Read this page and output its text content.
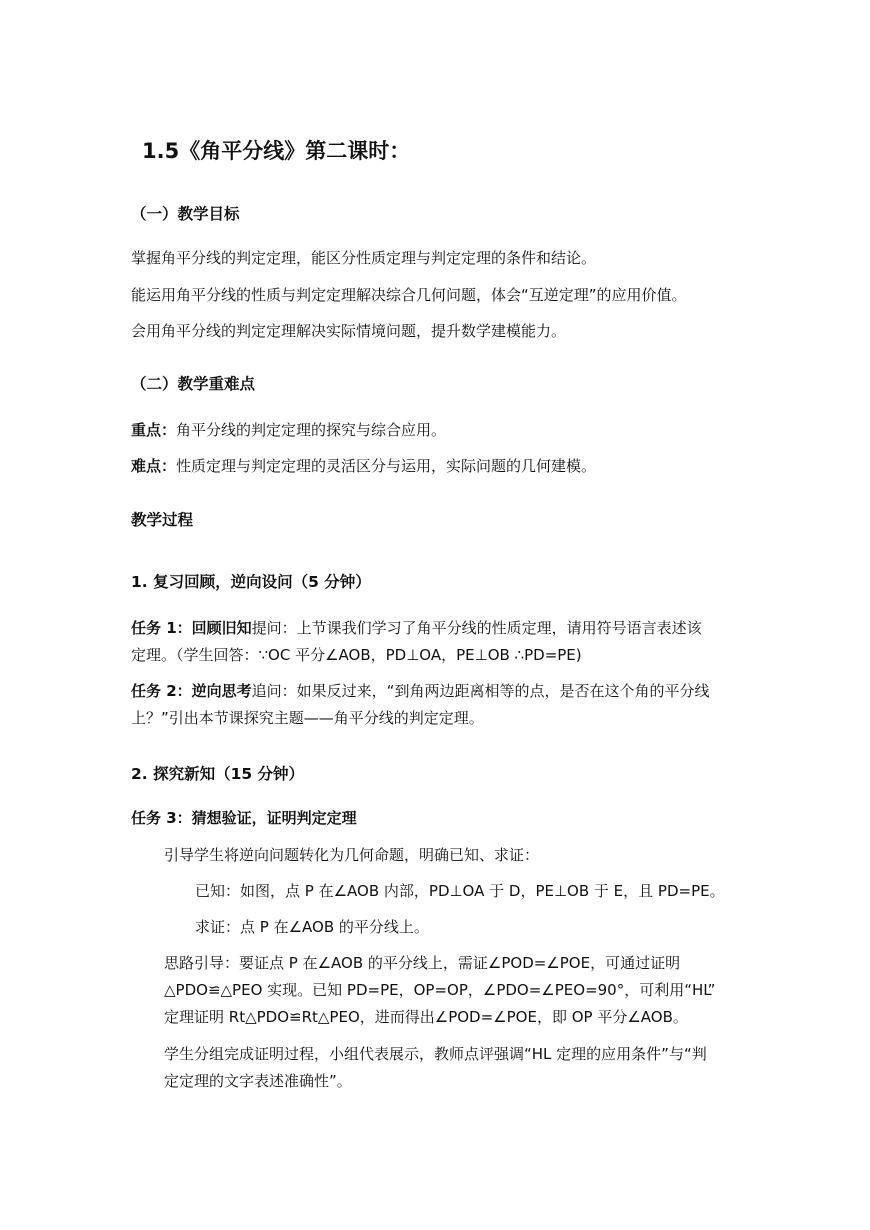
1.5《角平分线》第二课时：
（一）教学目标
掌握角平分线的判定定理，能区分性质定理与判定定理的条件和结论。
能运用角平分线的性质与判定定理解决综合几何问题，体会“互逆定理”的应用价值。
会用角平分线的判定定理解决实际情境问题，提升数学建模能力。
（二）教学重难点
重点：角平分线的判定定理的探究与综合应用。
难点：性质定理与判定定理的灵活区分与运用，实际问题的几何建模。
教学过程
1. 复习回顾，逆向设问（5 分钟）
任务 1：回顾旧知提问：上节课我们学习了角平分线的性质定理，请用符号语言表述该
定理。（学生回答：∵OC 平分∠AOB，PD⊥OA，PE⊥OB ∴PD=PE)
任务 2：逆向思考追问：如果反过来，“到角两边距离相等的点，是否在这个角的平分线
上？”引出本节课探究主题——角平分线的判定定理。
2. 探究新知（15 分钟）
任务 3：猜想验证，证明判定定理
引导学生将逆向问题转化为几何命题，明确已知、求证：
已知：如图，点 P 在∠AOB 内部，PD⊥OA 于 D，PE⊥OB 于 E，且 PD=PE。
求证：点 P 在∠AOB 的平分线上。
思路引导：要证点 P 在∠AOB 的平分线上，需证∠POD=∠POE，可通过证明
△PDO≌△PEO 实现。已知 PD=PE，OP=OP，∠PDO=∠PEO=90°，可利用“HL”
定理证明 Rt△PDO≌Rt△PEO，进而得出∠POD=∠POE，即 OP 平分∠AOB。
学生分组完成证明过程，小组代表展示，教师点评强调“HL 定理的应用条件”与“判
定定理的文字表述准确性”。
